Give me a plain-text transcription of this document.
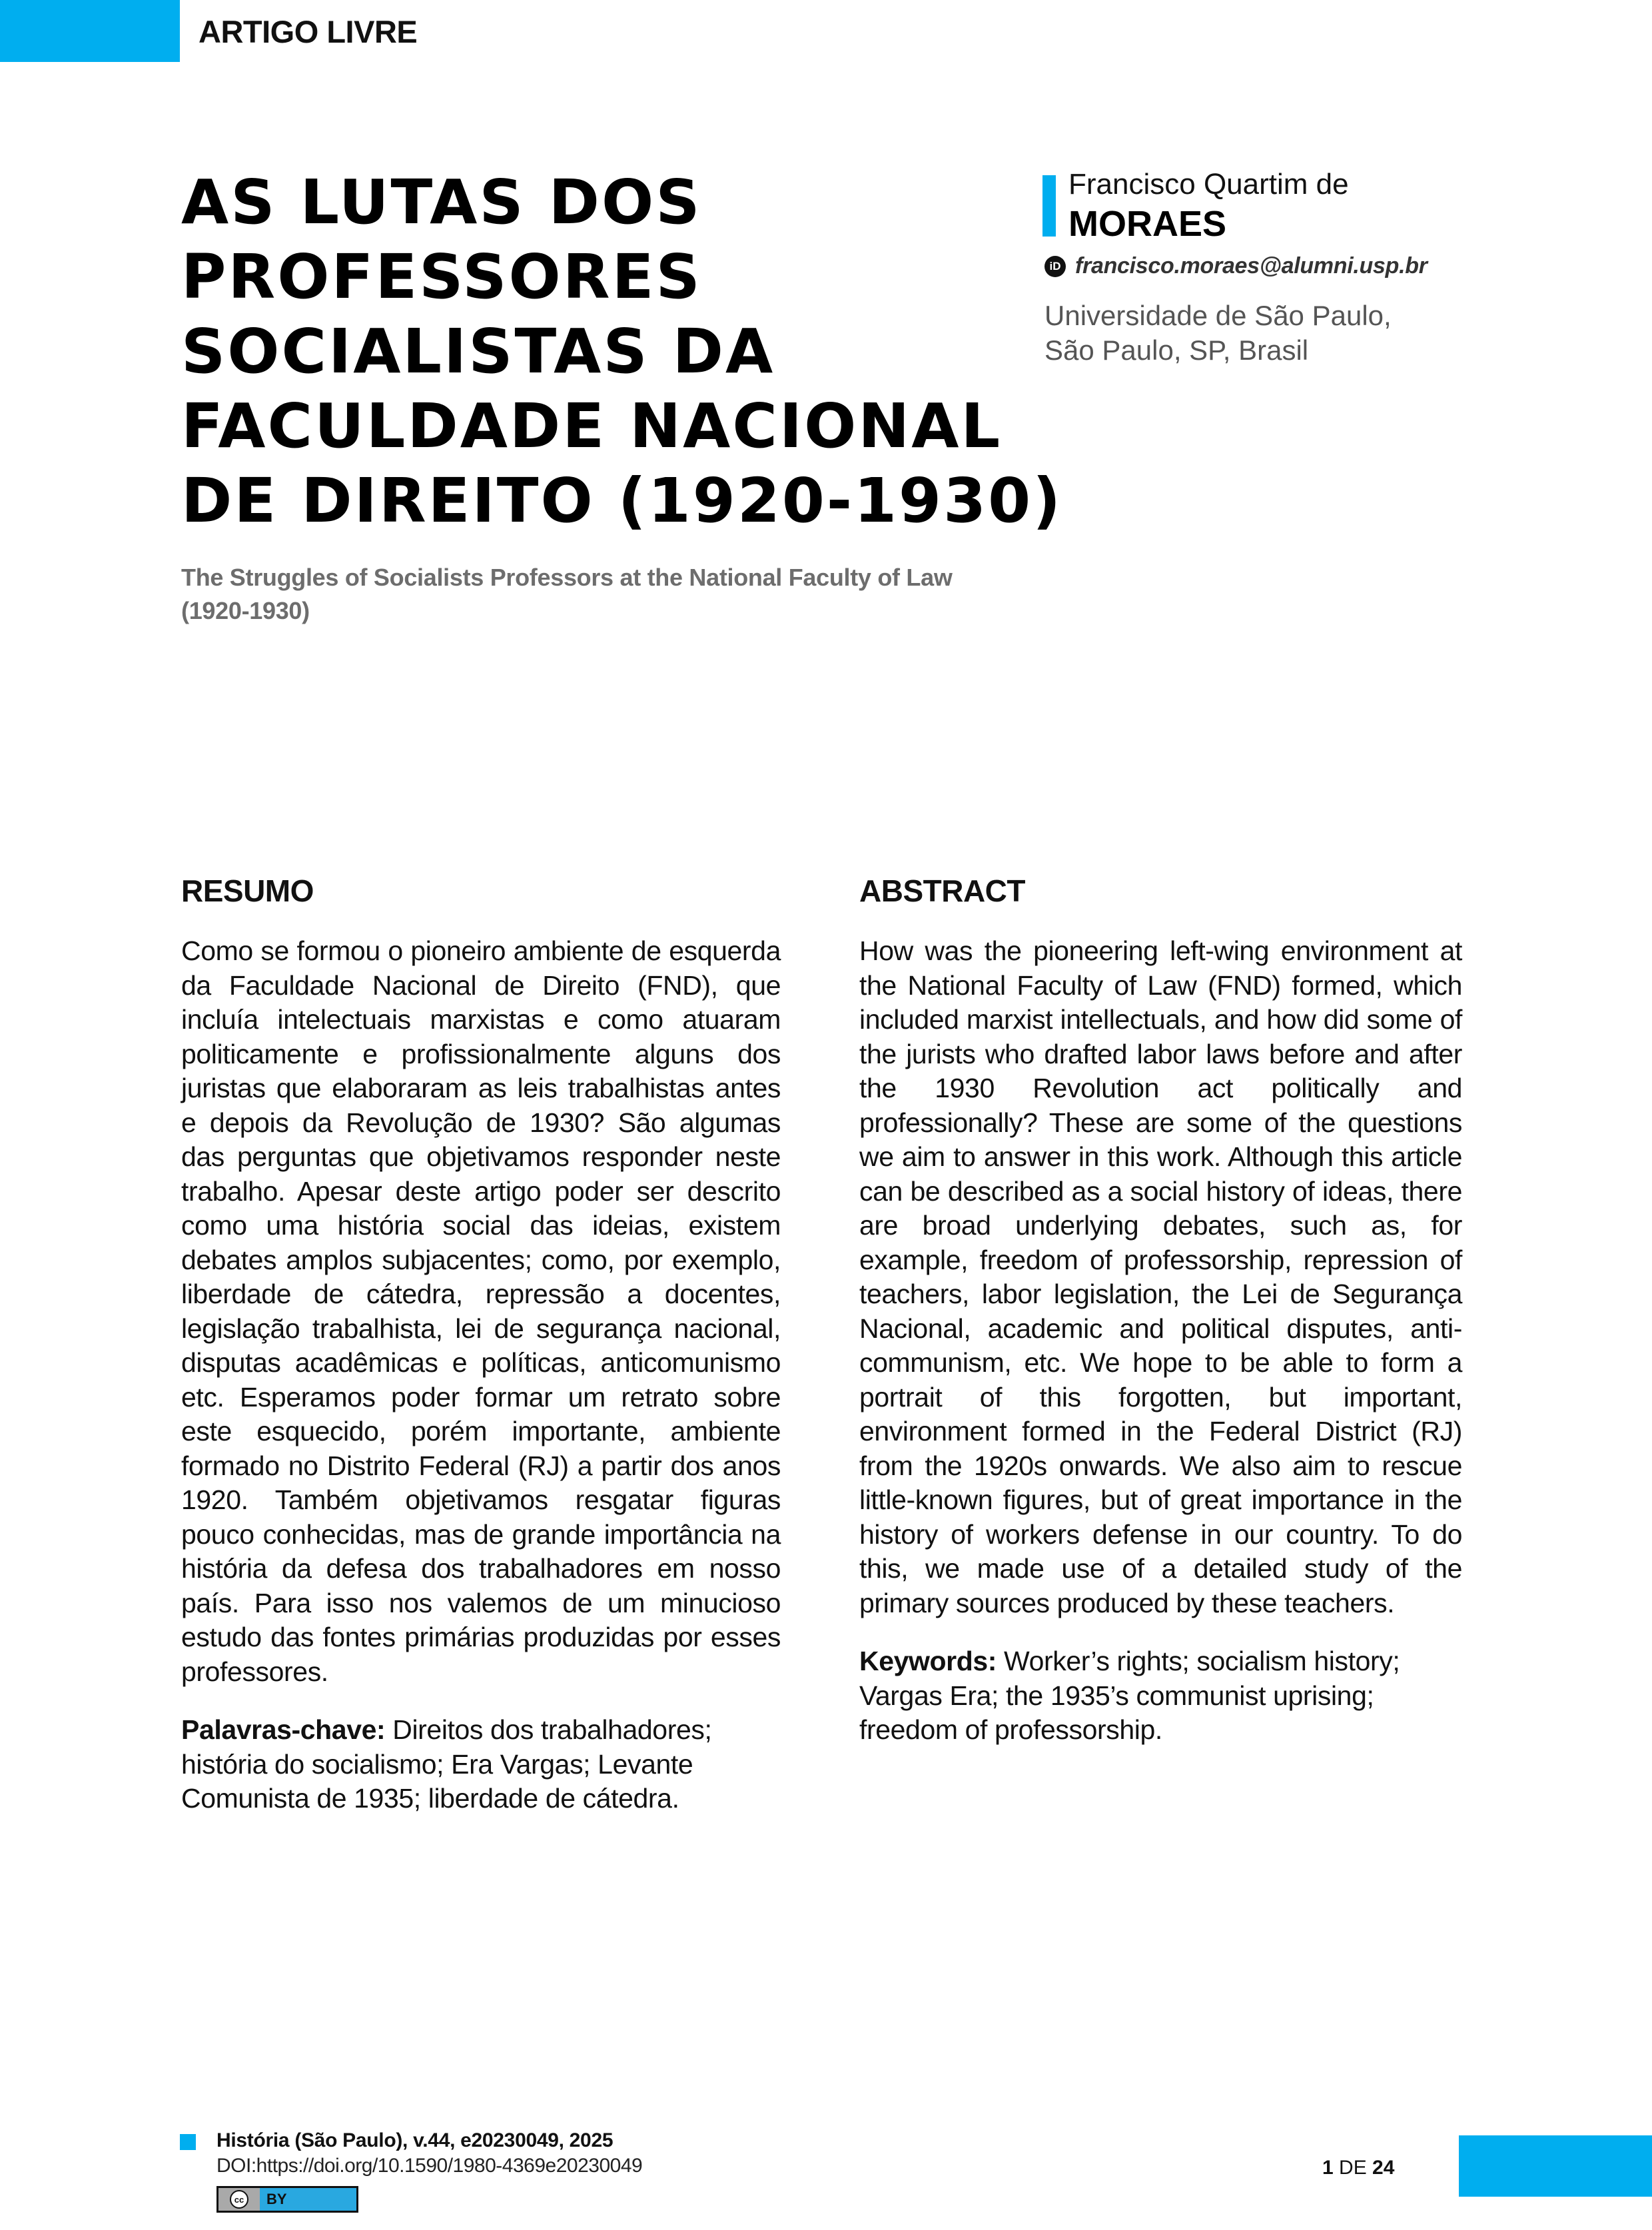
ARTIGO LIVRE
AS LUTAS DOS
PROFESSORES
SOCIALISTAS DA
FACULDADE NACIONAL
DE DIREITO (1920-1930)
The Struggles of Socialists Professors at the National Faculty of Law (1920-1930)
Francisco Quartim de
MORAES
iD francisco.moraes@alumni.usp.br
Universidade de São Paulo,
São Paulo, SP, Brasil
RESUMO

Como se formou o pioneiro ambiente de esquerda da Faculdade Nacional de Direito (FND), que incluía intelectuais marxistas e como atuaram politicamente e profissionalmente alguns dos juristas que elaboraram as leis trabalhistas antes e depois da Revolução de 1930? São algumas das perguntas que objetivamos responder neste trabalho. Apesar deste artigo poder ser descrito como uma história social das ideias, existem debates amplos subjacentes; como, por exemplo, liberdade de cátedra, repressão a docentes, legislação trabalhista, lei de segurança nacional, disputas acadêmicas e políticas, anticomunismo etc. Esperamos poder formar um retrato sobre este esquecido, porém importante, ambiente formado no Distrito Federal (RJ) a partir dos anos 1920. Também objetivamos resgatar figuras pouco conhecidas, mas de grande importância na história da defesa dos trabalhadores em nosso país. Para isso nos valemos de um minucioso estudo das fontes primárias produzidas por esses professores.

Palavras-chave: Direitos dos trabalhadores; história do socialismo; Era Vargas; Levante Comunista de 1935; liberdade de cátedra.

ABSTRACT

How was the pioneering left-wing environment at the National Faculty of Law (FND) formed, which included marxist intellectuals, and how did some of the jurists who drafted labor laws before and after the 1930 Revolution act politically and professionally? These are some of the questions we aim to answer in this work. Although this article can be described as a social history of ideas, there are broad underlying debates, such as, for example, freedom of professorship, repression of teachers, labor legislation, the Lei de Segurança Nacional, academic and political disputes, anti-communism, etc. We hope to be able to form a portrait of this forgotten, but important, environment formed in the Federal District (RJ) from the 1920s onwards. We also aim to rescue little-known figures, but of great importance in the history of workers defense in our country. To do this, we made use of a detailed study of the primary sources produced by these teachers.

Keywords: Worker’s rights; socialism history; Vargas Era; the 1935’s communist uprising; freedom of professorship.

História (São Paulo), v.44, e20230049, 2025
DOI:https://doi.org/10.1590/1980-4369e20230049
cc	BY
1 DE 24
